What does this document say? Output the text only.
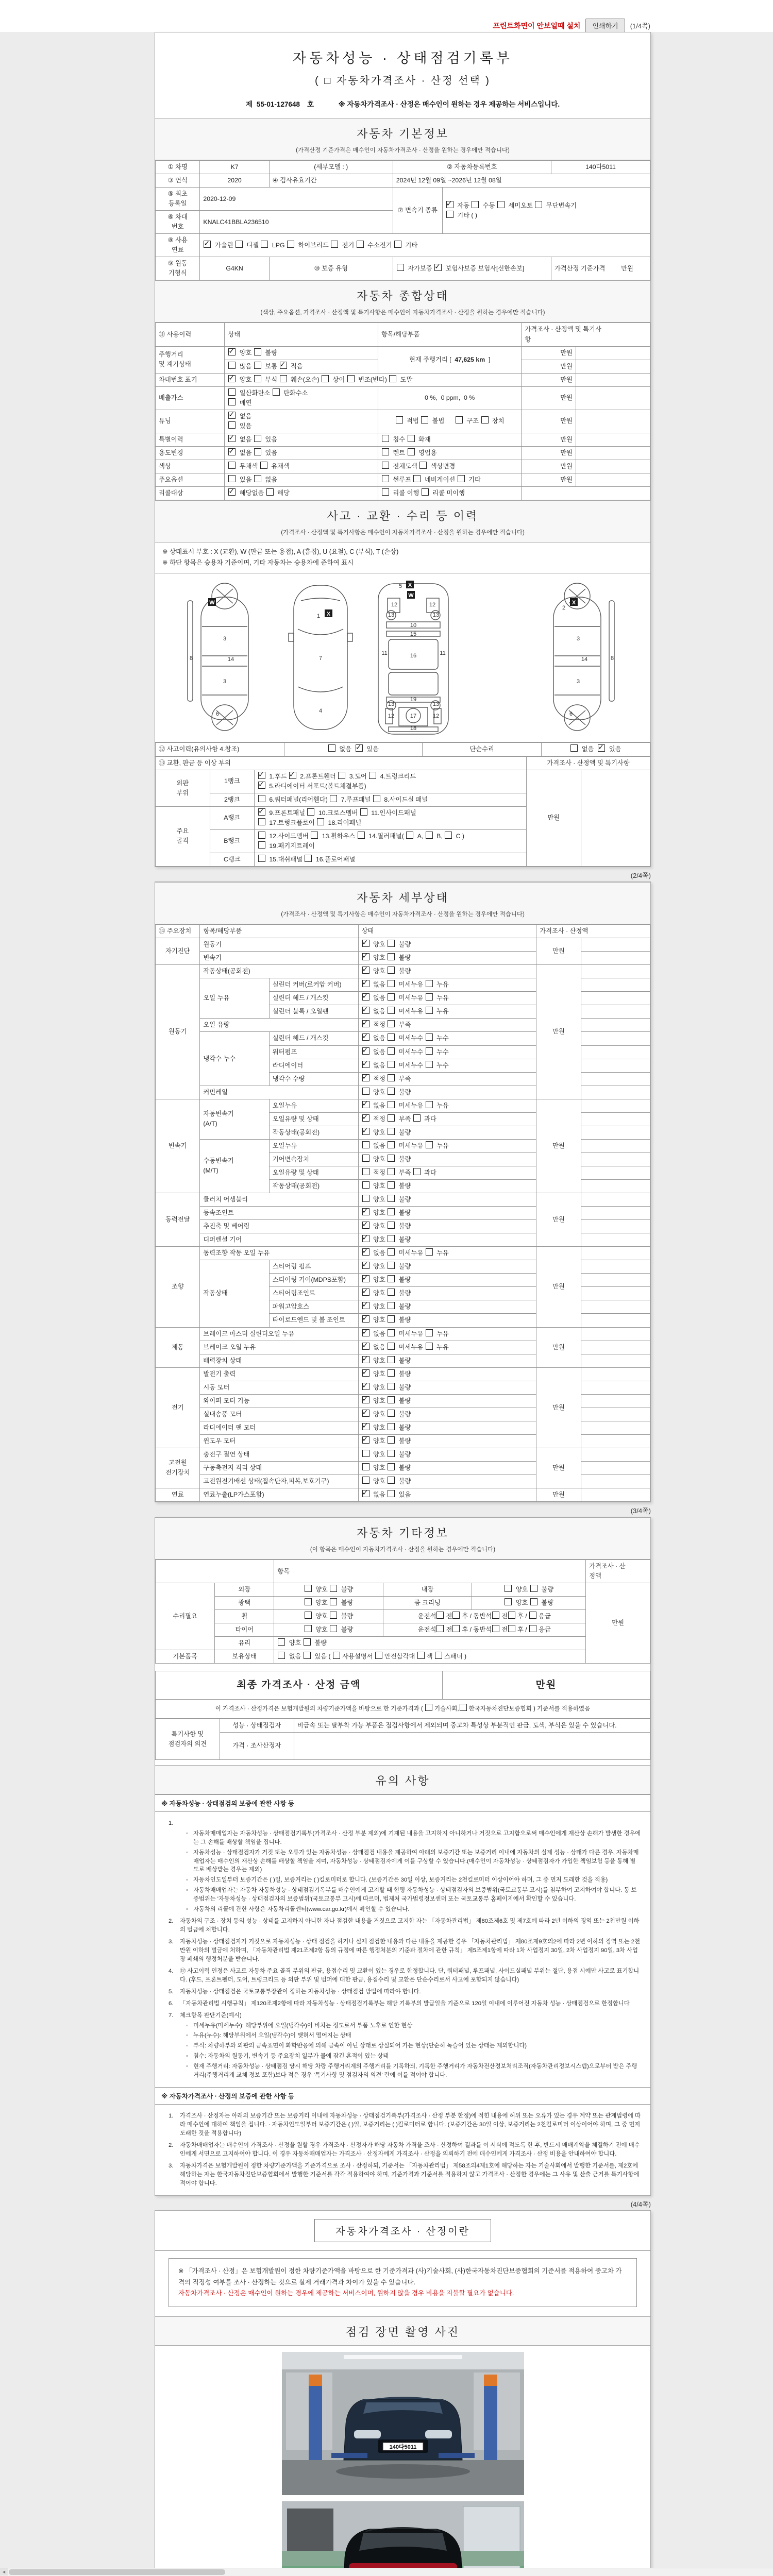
프린트화면이 안보일때 설치	인쇄하기	(1/4쪽)
자동차성능 · 상태점검기록부
( □ 자동차가격조사 · 산정 선택 )
제 55-01-127648 호	※ 자동차가격조사 · 산정은 매수인이 원하는 경우 제공하는 서비스입니다.
자동차 기본정보
(가격산정 기준가격은 매수인이 자동차가격조사 · 산정을 원하는 경우에만 적습니다)
① 차명	K7	(세부모델 : )	② 자동차등록번호		140다5011
③ 연식	2020	④ 검사유효기간	2024년 12월 09일 ~2026년 12월 08일		
⑤ 최초
등록일	2020-12-09		⑦ 변속기 종류	✓ 자동  수동  세미오토  무단변속기
기타 ( )
⑥ 차대
번호	KNALC41BBLA236510				
⑧ 사용
연료	✓ 가솔린  디젤  LPG  하이브리드  전기  수소전기  기타
⑨ 원동
기형식	G4KN	⑩ 보증 유형	자가보증 ✓ 보험사보증 보험사[신한손보]		가격산정 기준가격         만원
자동차 종합상태
(색상, 주요옵션, 가격조사 · 산정액 및 특기사항은 매수인이 자동차가격조사 · 산정을 원하는 경우에만 적습니다)
⑪ 사용이력	상태	항목/해당부품	가격조사 · 산정액 및 특기사
항	
주행거리
및 계기상태	✓ 양호  불량	현재 주행거리 [  47,625 km  ]	만원	
	많음  보통 ✓ 적음		만원	
차대번호 표기	✓ 양호  부식  훼손(오손)  상이  변조(변타)  도말		만원	
배출가스	일산화탄소  탄화수소
매연	0 %,  0 ppm,  0 %	만원	
튜닝	✓ 없음
있음	적법  불법       구조  장치	만원	
특별이력	✓ 없음  있음	침수  화재	만원	
용도변경	✓ 없음  있음	렌트  영업용	만원	
색상	무채색  유채색	전체도색  색상변경	만원	
주요옵션	있음  없음	썬루프  네비게이션  기타	만원	
리콜대상	✓ 해당없음  해당	리콜 이행  리콜 미이행		
사고 · 교환 · 수리 등 이력
(가격조사 · 산정액 및 특기사항은 매수인이 자동차가격조사 · 산정을 원하는 경우에만 적습니다)
※ 상태표시 부호 : X (교환), W (판금 또는 용접), A (흠집), U (요철), C (부식), T (손상)
※ 하단 항목은 승용차 기준이며, 기타 자동차는 승용차에 준하여 표시
8
3
14
3
6
1
7
4
12	12
13	13
10
15
16
11	11
19
13	13
12	17	12
18
5
3
14
3
6
8
2
W
X
X
W
X
⑫ 사고이력(유의사항 4.참조)	없음  ✓ 있음	단순수리	없음  ✓ 있음
⑬ 교환, 판금 등 이상 부위			가격조사 · 산정액 및 특기사항	
외판
부위	1랭크	✓ 1.후드 ✓ 2.프론트휀더  3.도어  4.트렁크리드
✓ 5.라디에이터 서포트(볼트체결부품)	만원	
	2랭크	6.쿼터패널(리어휀다)  7.루프패널  8.사이드실 패널		
주요
골격	A랭크	✓ 9.프론트패널  10.크로스멤버  11.인사이드패널
17.트렁크플로어  18.리어패널
	B랭크	12.사이드멤버  13.휠하우스  14.필러패널(  A,  B,  C )
19.패키지트레이		
	C랭크	15.대쉬패널  16.플로어패널		
(2/4쪽)
자동차 세부상태
(가격조사 · 산정액 및 특기사항은 매수인이 자동차가격조사 · 산정을 원하는 경우에만 적습니다)
⑭ 주요장치	항목/해당부품		상태	가격조사 · 산정액	
자기진단	원동기	✓ 양호  불량	만원	
	변속기	✓ 양호  불량	
원동기	작동상태(공회전)	✓ 양호  불량	만원	
	오일 누유	실린더 커버(로커암 커버)	✓ 없음  미세누유  누유	
		실린더 헤드 / 개스킷	✓ 없음  미세누유  누유	
		실린더 블록 / 오일팬	✓ 없음  미세누유  누유	
	오일 유량	✓ 적정  부족	
	냉각수 누수	실린더 헤드 / 개스킷	✓ 없음  미세누수  누수	
		워터펌프	✓ 없음  미세누수  누수	
		라디에이터	✓ 없음  미세누수  누수	
		냉각수 수량	✓ 적정  부족	
	커먼레일		양호  불량		
변속기	자동변속기
(A/T)	오일누유	✓ 없음  미세누유  누유	만원	
		오일유량 및 상태	✓ 적정  부족  과다	
		작동상태(공회전)	✓ 양호  불량	
	수동변속기
(M/T)	오일누유	없음  미세누유  누유		
		기어변속장치	양호  불량		
		오일유량 및 상태	적정  부족  과다		
		작동상태(공회전)	양호  불량		
동력전달	클러치 어셈블리		양호  불량	만원	
	등속조인트	✓ 양호  불량	
	추진축 및 베어링	✓ 양호  불량	
	디퍼렌셜 기어	✓ 양호  불량	
조향	동력조향 작동 오일 누유	✓ 없음  미세누유  누유	만원	
	작동상태	스티어링 펌프	✓ 양호  불량	
		스티어링 기어(MDPS포함)	✓ 양호  불량	
		스티어링조인트	✓ 양호  불량	
		파워고압호스	✓ 양호  불량	
		타이로드엔드 및 볼 조인트	✓ 양호  불량	
제동	브레이크 마스터 실린더오일 누유	✓ 없음  미세누유  누유	만원	
	브레이크 오일 누유	✓ 없음  미세누유  누유	
	배력장치 상태	✓ 양호  불량	
전기	발전기 출력	✓ 양호  불량	만원	
	시동 모터	✓ 양호  불량	
	와이퍼 모터 기능	✓ 양호  불량	
	실내송풍 모터	✓ 양호  불량	
	라디에이터 팬 모터	✓ 양호  불량	
	윈도우 모터	✓ 양호  불량	
고전원
전기장치	충전구 절연 상태		양호  불량	만원	
	구동축전지 격리 상태		양호  불량		
	고전원전기배선 상태(접속단자,피복,보호기구)		양호  불량		
연료	연료누출(LP가스포함)	✓ 없음  있음	만원	
(3/4쪽)
자동차 기타정보
(이 항목은 매수인이 자동차가격조사 · 산정을 원하는 경우에만 적습니다)
		항목			가격조사 · 산
정액
수리필요	외장	양호  불량	내장	양호  불량	만원
	광택	양호  불량	룸 크리닝	양호  불량	
	휠	양호  불량	운전석 전 후 / 동반석 전 후 / 응급		
	타이어	양호  불량	운전석 전 후 / 동반석 전 후 / 응급		
	유리	양호  불량			
기본품목	보유상태	없음  있음 ( 사용설명서 안전삼각대 잭 스패너 )			
최종 가격조사 · 산정 금액	만원
이 가격조사 · 산정가격은 보험개발원의 차량기준가액을 바탕으로 한 기준가격과 ( 기술사회, 한국자동차진단보증협회 ) 기준서를 적용하였음
특기사항 및
점검자의 의견	성능 · 상태점검자	비금속 또는 탈부착 가능 부품은 점검사항에서 제외되며 중고차 특성상 부분적인 판금, 도색, 부식은 있을 수 있습니다.
	가격 · 조사산정자	
유의 사항
※ 자동차성능 · 상태점검의 보증에 관한 사항 등
1.
◦ 자동차매매업자는 자동차성능 · 상태점검기록부(가격조사 · 산정 부분 제외)에 기재된 내용을 고지하지 아니하거나 거짓으로 고지함으로써 매수인에게 재산상 손해가 발생한 경우에는 그 손해를 배상할 책임을 집니다.
◦ 자동차성능 · 상태점검자가 거짓 또는 오류가 있는 자동차성능 · 상태점검 내용을 제공하여 아래의 보증기간 또는 보증거리 이내에 자동차의 실제 성능 · 상태가 다른 경우, 자동차매매업자는 매수인의 재산상 손해를 배상할 책임을 지며, 자동차성능 · 상태점검자에게 이를 구상할 수 있습니다.(매수인이 자동차성능 · 상태점검자가 가입한 책임보험 등을 통해 별도로 배상받는 경우는 제외)
◦ 자동차인도일부터 보증기간은 ( )일, 보증거리는 ( )킬로미터로 합니다. (보증기간은 30일 이상, 보증거리는 2천킬로미터 이상이어야 하며, 그 중 먼저 도래한 것을 적용)
◦ 자동차매매업자는 자동차 자동차성능 · 상태점검기록부를 매수인에게 고지할 때 현행 자동차성능 · 상태점검자의 보증범위(국토교통부 고시)를 첨부하여 고지하여야 합니다. 동 보증범위는 '자동차성능 · 상태점검자의 보증범위'(국토교통부 고시)에 따르며, 법제처 국가법령정보센터 또는 국토교통부 홈페이지에서 확인할 수 있습니다.
◦ 자동차의 리콜에 관한 사항은 자동차리콜센터(www.car.go.kr)에서 확인할 수 있습니다.
2.	자동차의 구조 · 장치 등의 성능 · 상태를 고지하지 아니한 자나 점검한 내용을 거짓으로 고지한 자는 「자동차관리법」 제80조제6호 및 제7호에 따라 2년 이하의 징역 또는 2천만원 이하의 벌금에 처합니다.
3.	자동차성능 · 상태점검자가 거짓으로 자동차성능 · 상태 점검을 하거나 실제 점검한 내용과 다른 내용을 제공한 경우 「자동차관리법」 제80조제9호의2에 따라 2년 이하의 징역 또는 2천만원 이하의 벌금에 처하며, 「자동차관리법 제21조제2항 등의 규정에 따른 행정처분의 기준과 절차에 관한 규칙」 제5조제1항에 따라 1차 사업정지 30일, 2차 사업정지 90일, 3차 사업장 폐쇄의 행정처분을 받습니다.
4.	⑫ 사고이력 인정은 사고로 자동차 주요 골격 부위의 판금, 용접수리 및 교환이 있는 경우로 한정합니다. 단, 쿼터패널, 루프패널, 사이드실패널 부위는 절단, 용접 시에만 사고로 표기합니다. (후드, 프론트펜더, 도어, 트렁크리드 등 외판 부위 및 범퍼에 대한 판금, 용접수리 및 교환은 단순수리로서 사고에 포함되지 않습니다)
5.	자동차성능 · 상태점검은 국토교통부장관이 정하는 자동차성능 · 상태점검 방법에 따라야 합니다.
6.	「자동차관리법 시행규칙」 제120조제2항에 따라 자동차성능 · 상태점검기록부는 해당 기록부의 발급일을 기준으로 120일 이내에 이루어진 자동차 성능 · 상태점검으로 한정합니다
7.	체크항목 판단기준(예시)
◦ 미세누유(미세누수): 해당부위에 오일(냉각수)이 비치는 정도로서 부품 노후로 인한 현상
◦ 누유(누수): 해당부위에서 오일(냉각수)이 맺혀서 떨어지는 상태
◦ 부식: 차량하부와 외판의 금속표면이 화학반응에 의해 금속이 아닌 상태로 상실되어 가는 현상(단순히 녹슬어 있는 상태는 제외합니다)
◦ 침수: 자동차의 원동기, 변속기 등 주요장치 일부가 물에 잠긴 흔적이 있는 상태
◦ 현재 주행거리: 자동차성능 · 상태점검 당시 해당 차량 주행거리계의 주행거리를 기록하되, 기록한 주행거리가 자동차전산정보처리조직(자동차관리정보시스템)으로부터 받은 주행거리(주행거리계 교체 정보 포함)보다 적은 경우 '특기사항 및 점검자의 의견' 란에 이를 적어야 합니다.
※ 자동차가격조사 · 산정의 보증에 관한 사항 등
1.	가격조사 · 산정자는 아래의 보증기간 또는 보증거리 이내에 자동차성능 · 상태점검기록부(가격조사 · 산정 부분 한정)에 적힌 내용에 허위 또는 오류가 있는 경우 계약 또는 관계법령에 따라 매수인에 대하여 책임을 집니다. · 자동차인도일부터 보증기간은 ( )일, 보증거리는 ( )킬로미터로 합니다. (보증기간은 30일 이상, 보증거리는 2천킬로미터 이상이어야 하며, 그 중 먼저 도래한 것을 적용합니다)
2.	자동차매매업자는 매수인이 가격조사 · 산정을 원할 경우 가격조사 · 산정자가 해당 자동차 가격을 조사 · 산정하여 결과를 이 서식에 적도록 한 후, 반드시 매매계약을 체결하기 전에 매수인에게 서면으로 고지하여야 합니다. 이 경우 자동차매매업자는 가격조사 · 산정자에게 가격조사 · 산정을 의뢰하기 전에 매수인에게 가격조사 · 산정 비용을 안내하여야 합니다.
3.	자동차가격은 보험개발원이 정한 차량기준가액을 기준가격으로 조사 · 산정하되, 기준서는 「자동차관리법」 제58조의4제1호에 해당하는 자는 기술사회에서 발행한 기준서를, 제2호에 해당하는 자는 한국자동차진단보증협회에서 발행한 기준서를 각각 적용하여야 하며, 기준가격과 기준서를 적용하지 않고 가격조사 · 산정한 경우에는 그 사유 및 산출 근거를 특기사항에 적어야 합니다.
(4/4쪽)
자동차가격조사 · 산정이란
※ 「가격조사 · 산정」은 보험개발원이 정한 차량기준가액을 바탕으로 한 기준가격과 (사)기술사회, (사)한국자동차진단보증협회의 기준서를 적용하여 중고차 가격의 적정성 여부를 조사 · 산정하는 것으로 실제 거래가격과 차이가 있을 수 있습니다.
자동차가격조사 · 산정은 매수인이 원하는 경우에 제공하는 서비스이며, 원하지 않을 경우 비용을 지불할 필요가 없습니다.
점검 장면 촬영 사진
140다5011
◄
